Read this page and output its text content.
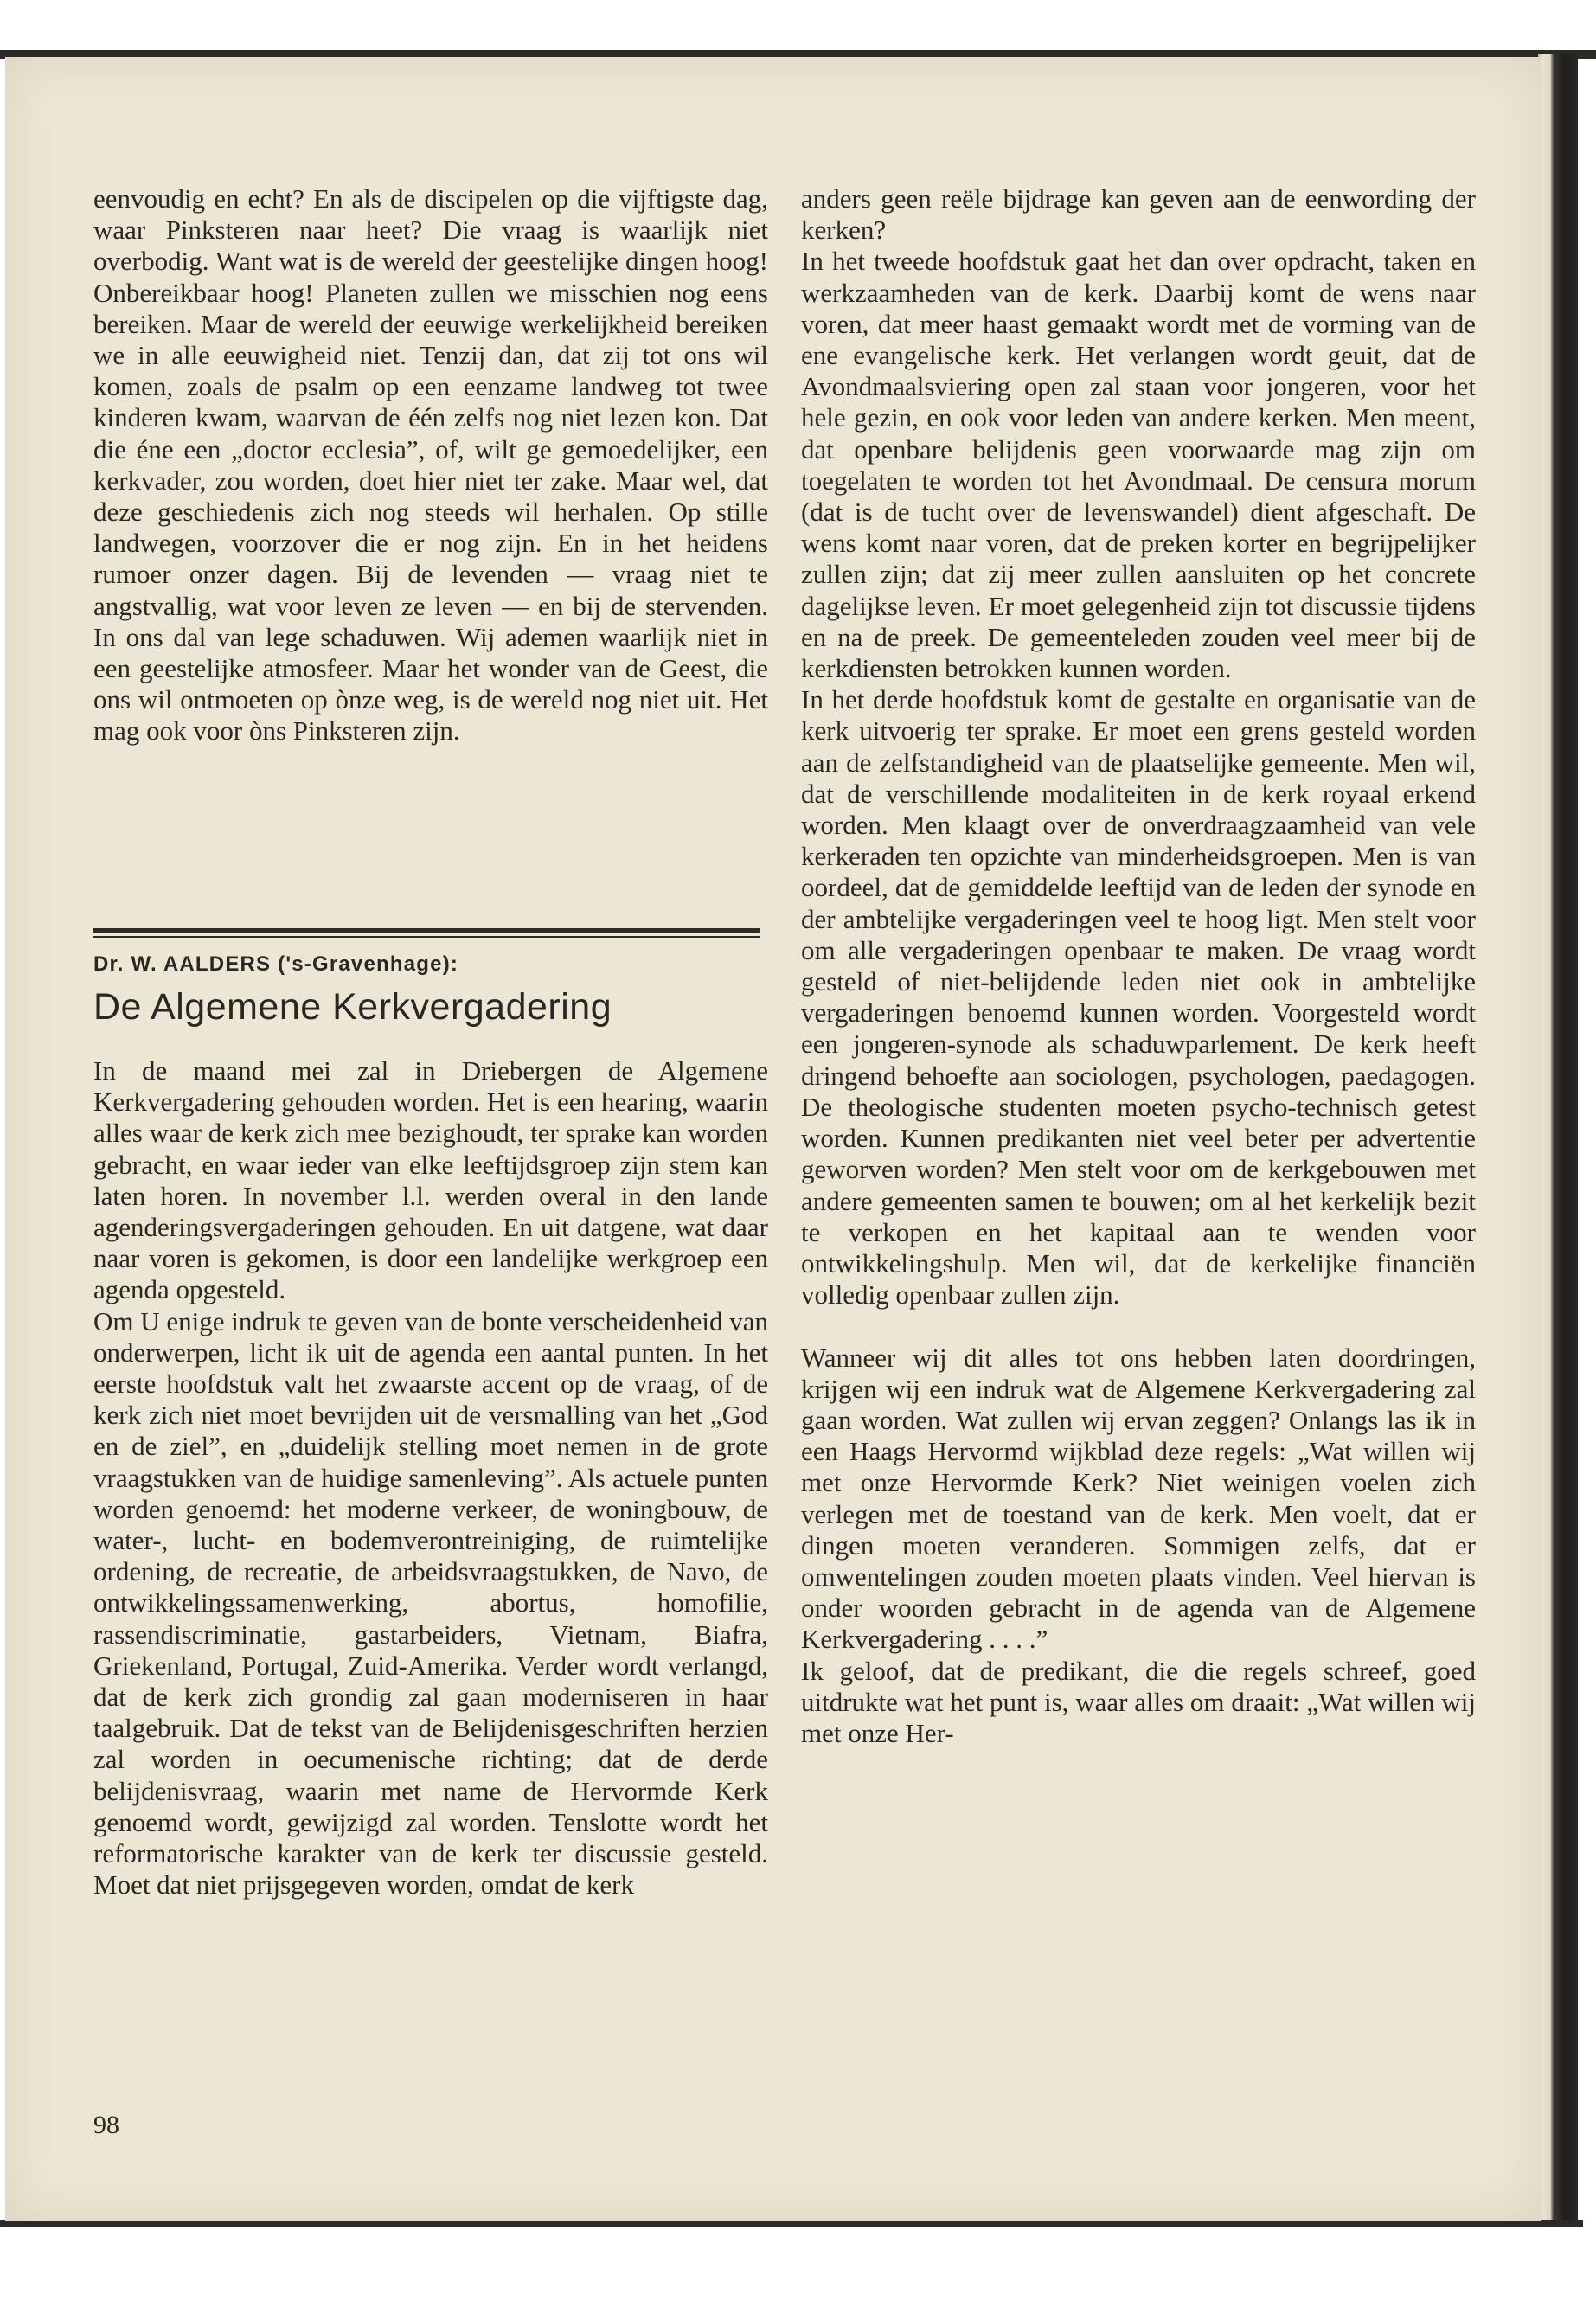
eenvoudig en echt? En als de discipelen op die vijftigste dag, waar Pinksteren naar heet? Die vraag is waarlijk niet overbodig. Want wat is de wereld der geestelijke dingen hoog! Onbereikbaar hoog! Planeten zullen we misschien nog eens bereiken. Maar de wereld der eeuwige werkelijkheid bereiken we in alle eeuwigheid niet. Tenzij dan, dat zij tot ons wil komen, zoals de psalm op een eenzame landweg tot twee kinderen kwam, waarvan de één zelfs nog niet lezen kon. Dat die éne een „doctor ecclesia”, of, wilt ge gemoedelijker, een kerkvader, zou worden, doet hier niet ter zake. Maar wel, dat deze geschiedenis zich nog steeds wil herhalen. Op stille landwegen, voorzover die er nog zijn. En in het heidens rumoer onzer dagen. Bij de levenden — vraag niet te angstvallig, wat voor leven ze leven — en bij de stervenden. In ons dal van lege schaduwen. Wij ademen waarlijk niet in een geestelijke atmosfeer. Maar het wonder van de Geest, die ons wil ontmoeten op ònze weg, is de wereld nog niet uit. Het mag ook voor òns Pinksteren zijn.

Dr. W. AALDERS ('s-Gravenhage):
De Algemene Kerkvergadering

In de maand mei zal in Driebergen de Algemene Kerkvergadering gehouden worden. Het is een hearing, waarin alles waar de kerk zich mee bezighoudt, ter sprake kan worden gebracht, en waar ieder van elke leeftijdsgroep zijn stem kan laten horen. In november l.l. werden overal in den lande agenderingsvergaderingen gehouden. En uit datgene, wat daar naar voren is gekomen, is door een landelijke werkgroep een agenda opgesteld.

Om U enige indruk te geven van de bonte verscheidenheid van onderwerpen, licht ik uit de agenda een aantal punten. In het eerste hoofdstuk valt het zwaarste accent op de vraag, of de kerk zich niet moet bevrijden uit de versmalling van het „God en de ziel”, en „duidelijk stelling moet nemen in de grote vraagstukken van de huidige samenleving”. Als actuele punten worden genoemd: het moderne verkeer, de woningbouw, de water-, lucht- en bodemverontreiniging, de ruimtelijke ordening, de recreatie, de arbeidsvraagstukken, de Navo, de ontwikkelingssamenwerking, abortus, homofilie, rassendiscriminatie, gastarbeiders, Vietnam, Biafra, Griekenland, Portugal, Zuid-Amerika. Verder wordt verlangd, dat de kerk zich grondig zal gaan moderniseren in haar taalgebruik. Dat de tekst van de Belijdenisgeschriften herzien zal worden in oecumenische richting; dat de derde belijdenisvraag, waarin met name de Hervormde Kerk genoemd wordt, gewijzigd zal worden. Tenslotte wordt het reformatorische karakter van de kerk ter discussie gesteld. Moet dat niet prijsgegeven worden, omdat de kerk

98

anders geen reële bijdrage kan geven aan de eenwording der kerken?

In het tweede hoofdstuk gaat het dan over opdracht, taken en werkzaamheden van de kerk. Daarbij komt de wens naar voren, dat meer haast gemaakt wordt met de vorming van de ene evangelische kerk. Het verlangen wordt geuit, dat de Avondmaalsviering open zal staan voor jongeren, voor het hele gezin, en ook voor leden van andere kerken. Men meent, dat openbare belijdenis geen voorwaarde mag zijn om toegelaten te worden tot het Avondmaal. De censura morum (dat is de tucht over de levenswandel) dient afgeschaft. De wens komt naar voren, dat de preken korter en begrijpelijker zullen zijn; dat zij meer zullen aansluiten op het concrete dagelijkse leven. Er moet gelegenheid zijn tot discussie tijdens en na de preek. De gemeenteleden zouden veel meer bij de kerkdiensten betrokken kunnen worden.

In het derde hoofdstuk komt de gestalte en organisatie van de kerk uitvoerig ter sprake. Er moet een grens gesteld worden aan de zelfstandigheid van de plaatselijke gemeente. Men wil, dat de verschillende modaliteiten in de kerk royaal erkend worden. Men klaagt over de onverdraagzaamheid van vele kerkeraden ten opzichte van minderheidsgroepen. Men is van oordeel, dat de gemiddelde leeftijd van de leden der synode en der ambtelijke vergaderingen veel te hoog ligt. Men stelt voor om alle vergaderingen openbaar te maken. De vraag wordt gesteld of niet-belijdende leden niet ook in ambtelijke vergaderingen benoemd kunnen worden. Voorgesteld wordt een jongeren-synode als schaduwparlement. De kerk heeft dringend behoefte aan sociologen, psychologen, paedagogen. De theologische studenten moeten psycho-technisch getest worden. Kunnen predikanten niet veel beter per advertentie geworven worden? Men stelt voor om de kerkgebouwen met andere gemeenten samen te bouwen; om al het kerkelijk bezit te verkopen en het kapitaal aan te wenden voor ontwikkelingshulp. Men wil, dat de kerkelijke financiën volledig openbaar zullen zijn.

Wanneer wij dit alles tot ons hebben laten doordringen, krijgen wij een indruk wat de Algemene Kerkvergadering zal gaan worden. Wat zullen wij ervan zeggen? Onlangs las ik in een Haags Hervormd wijkblad deze regels: „Wat willen wij met onze Hervormde Kerk? Niet weinigen voelen zich verlegen met de toestand van de kerk. Men voelt, dat er dingen moeten veranderen. Sommigen zelfs, dat er omwentelingen zouden moeten plaats vinden. Veel hiervan is onder woorden gebracht in de agenda van de Algemene Kerkvergadering . . . .”

Ik geloof, dat de predikant, die die regels schreef, goed uitdrukte wat het punt is, waar alles om draait: „Wat willen wij met onze Her-
